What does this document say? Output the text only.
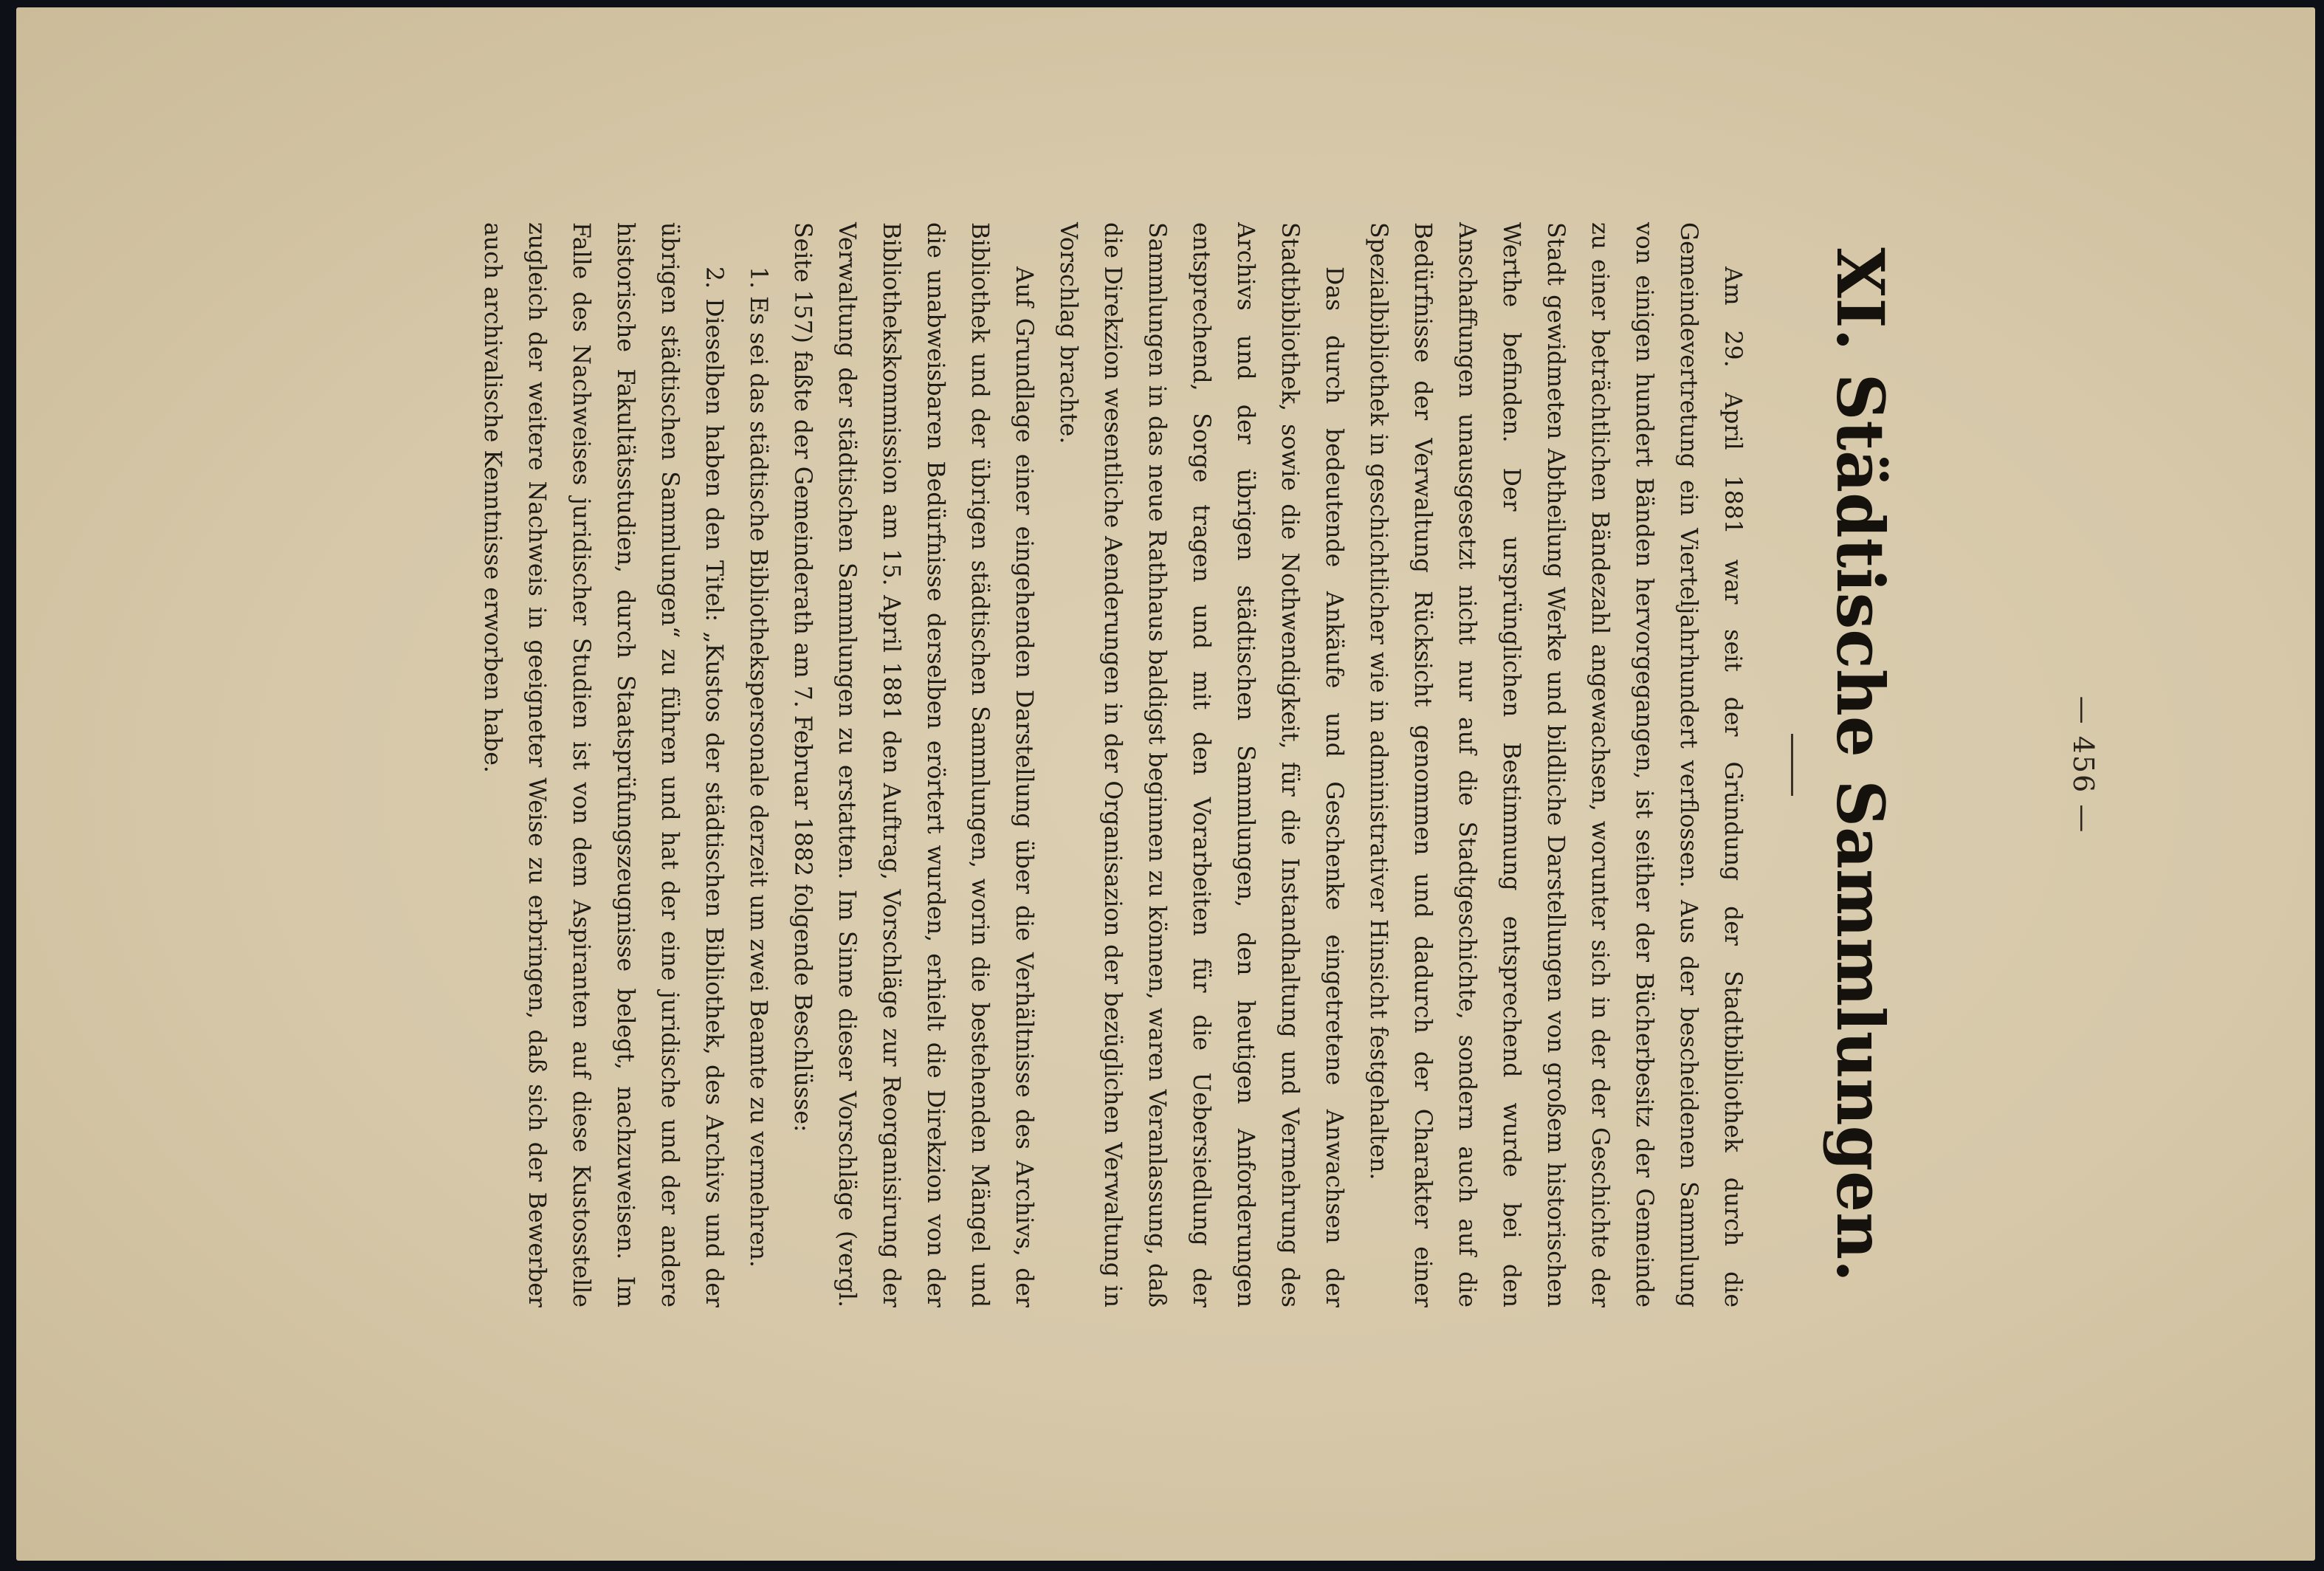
— 456 —
XI. Städtische Sammlungen.

Am 29. April 1881 war seit der Gründung der Stadtbibliothek durch die Gemeindevertretung ein Vierteljahrhundert verflossen. Aus der bescheidenen Sammlung von einigen hundert Bänden hervorgegangen, ist seither der Bücherbesitz der Gemeinde zu einer beträchtlichen Bändezahl angewachsen, worunter sich in der der Geschichte der Stadt gewidmeten Abtheilung Werke und bildliche Darstellungen von großem historischen Werthe befinden. Der ursprünglichen Bestimmung entsprechend wurde bei den Anschaffungen unausgesetzt nicht nur auf die Stadtgeschichte, sondern auch auf die Bedürfnisse der Verwaltung Rücksicht genommen und dadurch der Charakter einer Spezialbibliothek in geschichtlicher wie in administrativer Hinsicht festgehalten.

Das durch bedeutende Ankäufe und Geschenke eingetretene Anwachsen der Stadtbibliothek, sowie die Nothwendigkeit, für die Instandhaltung und Vermehrung des Archivs und der übrigen städtischen Sammlungen, den heutigen Anforderungen entsprechend, Sorge tragen und mit den Vorarbeiten für die Uebersiedlung der Sammlungen in das neue Rathhaus baldigst beginnen zu können, waren Veranlassung, daß die Direkzion wesentliche Aenderungen in der Organisazion der bezüglichen Verwaltung in Vorschlag brachte.

Auf Grundlage einer eingehenden Darstellung über die Verhältnisse des Archivs, der Bibliothek und der übrigen städtischen Sammlungen, worin die bestehenden Mängel und die unabweisbaren Bedürfnisse derselben erörtert wurden, erhielt die Direkzion von der Bibliothekskommission am 15. April 1881 den Auftrag, Vorschläge zur Reorganisirung der Verwaltung der städtischen Sammlungen zu erstatten. Im Sinne dieser Vorschläge (vergl. Seite 157) faßte der Gemeinderath am 7. Februar 1882 folgende Beschlüsse:

1. Es sei das städtische Bibliothekspersonale derzeit um zwei Beamte zu vermehren.

2. Dieselben haben den Titel: „Kustos der städtischen Bibliothek, des Archivs und der übrigen städtischen Sammlungen“ zu führen und hat der eine juridische und der andere historische Fakultätsstudien, durch Staatsprüfungszeugnisse belegt, nachzuweisen. Im Falle des Nachweises juridischer Studien ist von dem Aspiranten auf diese Kustosstelle zugleich der weitere Nachweis in geeigneter Weise zu erbringen, daß sich der Bewerber auch archivalische Kenntnisse erworben habe.
